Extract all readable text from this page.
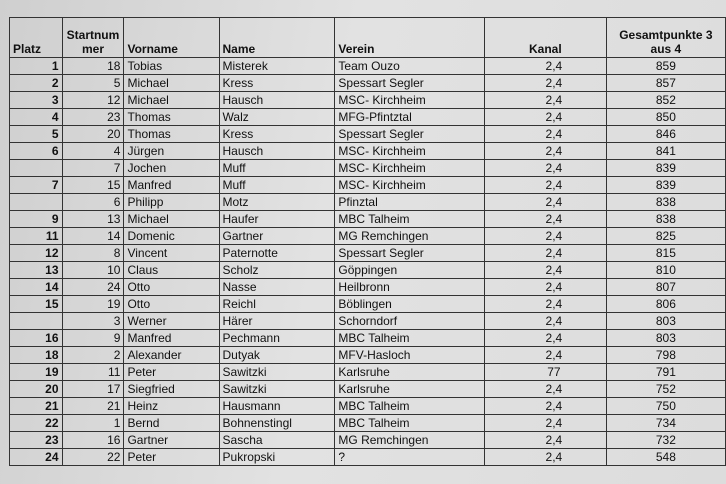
Platz	Startnum mer	Vorname	Name	Verein	Kanal	Gesamtpunkte 3 aus 4
1	18	Tobias	Misterek	Team Ouzo	2,4	859
2	5	Michael	Kress	Spessart Segler	2,4	857
3	12	Michael	Hausch	MSC- Kirchheim	2,4	852
4	23	Thomas	Walz	MFG-Pfintztal	2,4	850
5	20	Thomas	Kress	Spessart Segler	2,4	846
6	4	Jürgen	Hausch	MSC- Kirchheim	2,4	841
	7	Jochen	Muff	MSC- Kirchheim	2,4	839
7	15	Manfred	Muff	MSC- Kirchheim	2,4	839
	6	Philipp	Motz	Pfinztal	2,4	838
9	13	Michael	Haufer	MBC Talheim	2,4	838
11	14	Domenic	Gartner	MG Remchingen	2,4	825
12	8	Vincent	Paternotte	Spessart Segler	2,4	815
13	10	Claus	Scholz	Göppingen	2,4	810
14	24	Otto	Nasse	Heilbronn	2,4	807
15	19	Otto	Reichl	Böblingen	2,4	806
	3	Werner	Härer	Schorndorf	2,4	803
16	9	Manfred	Pechmann	MBC Talheim	2,4	803
18	2	Alexander	Dutyak	MFV-Hasloch	2,4	798
19	11	Peter	Sawitzki	Karlsruhe	77	791
20	17	Siegfried	Sawitzki	Karlsruhe	2,4	752
21	21	Heinz	Hausmann	MBC Talheim	2,4	750
22	1	Bernd	Bohnenstingl	MBC Talheim	2,4	734
23	16	Gartner	Sascha	MG Remchingen	2,4	732
24	22	Peter	Pukropski	?	2,4	548
